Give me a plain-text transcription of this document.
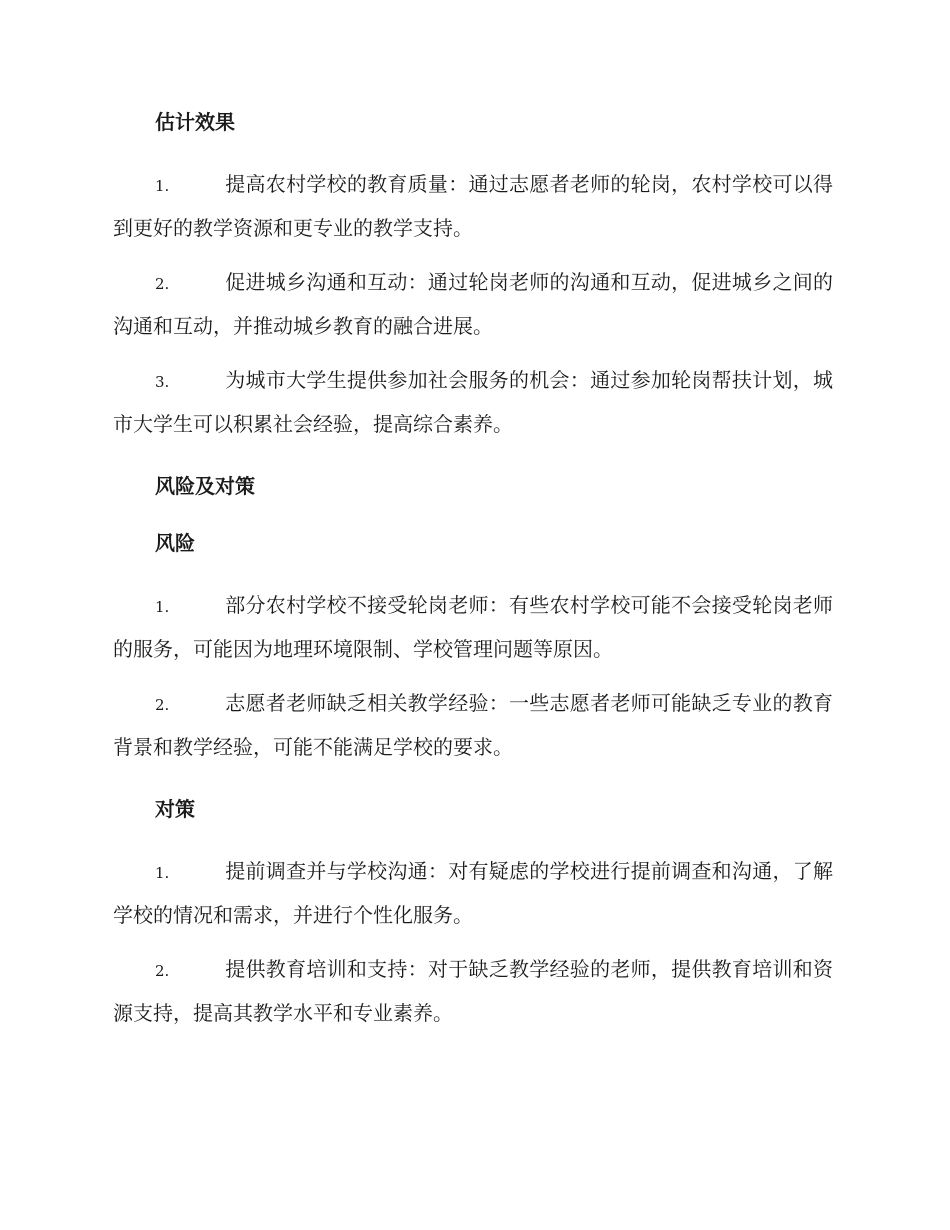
估计效果

1.	提高农村学校的教育质量：通过志愿者老师的轮岗，农村学校可以得到更好的教学资源和更专业的教学支持。

2.	促进城乡沟通和互动：通过轮岗老师的沟通和互动，促进城乡之间的沟通和互动，并推动城乡教育的融合进展。

3.	为城市大学生提供参加社会服务的机会：通过参加轮岗帮扶计划，城市大学生可以积累社会经验，提高综合素养。

风险及对策
风险

1.	部分农村学校不接受轮岗老师：有些农村学校可能不会接受轮岗老师的服务，可能因为地理环境限制、学校管理问题等原因。

2.	志愿者老师缺乏相关教学经验：一些志愿者老师可能缺乏专业的教育背景和教学经验，可能不能满足学校的要求。

对策

1.	提前调查并与学校沟通：对有疑虑的学校进行提前调查和沟通，了解学校的情况和需求，并进行个性化服务。

2.	提供教育培训和支持：对于缺乏教学经验的老师，提供教育培训和资源支持，提高其教学水平和专业素养。
